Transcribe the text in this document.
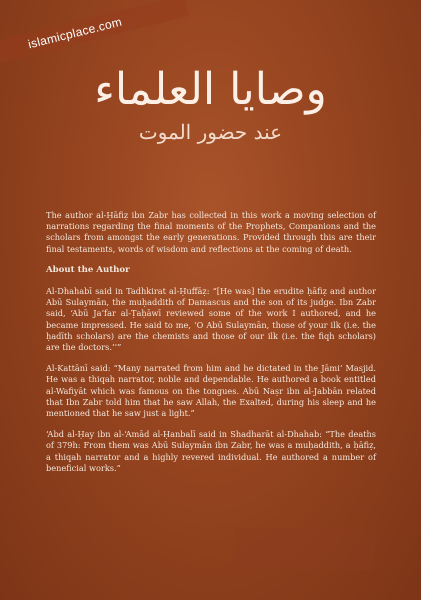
islamicplace.com

وصايا العلماء

عند حضور الموت

The author al-Ḥāfiẓ ibn Zabr has collected in this work a moving selection of narrations regarding the final moments of the Prophets, Companions and the scholars from amongst the early generations. Provided through this are their final testaments, words of wisdom and reflections at the coming of death.

About the Author

Al-Dhahabī said in Tadhkirat al-Ḥuffāẓ: “[He was] the erudite ḥāfiẓ and author Abū Sulaymān, the muḥaddith of Damascus and the son of its judge. Ibn Zabr said, ‘Abū Ja‘far al-Ṭaḥāwī reviewed some of the work I authored, and he became impressed. He said to me, ‘O Abū Sulaymān, those of your ilk (i.e. the ḥadīth scholars) are the chemists and those of our ilk (i.e. the fiqh scholars) are the doctors.’’”

Al-Kattānī said: “Many narrated from him and he dictated in the Jāmi‘ Masjid. He was a thiqah narrator, noble and dependable. He authored a book entitled al-Wafiyāt which was famous on the tongues. Abū Naṣr ibn al-Jabbān related that Ibn Zabr told him that he saw Allah, the Exalted, during his sleep and he mentioned that he saw just a light.”

‘Abd al-Ḥay ibn al-‘Amād al-Ḥanbalī said in Shadharāt al-Dhahab: “The deaths of 379h: From them was Abū Sulaymān ibn Zabr, he was a muḥaddith, a ḥāfiẓ, a thiqah narrator and a highly revered individual. He authored a number of beneficial works.”
